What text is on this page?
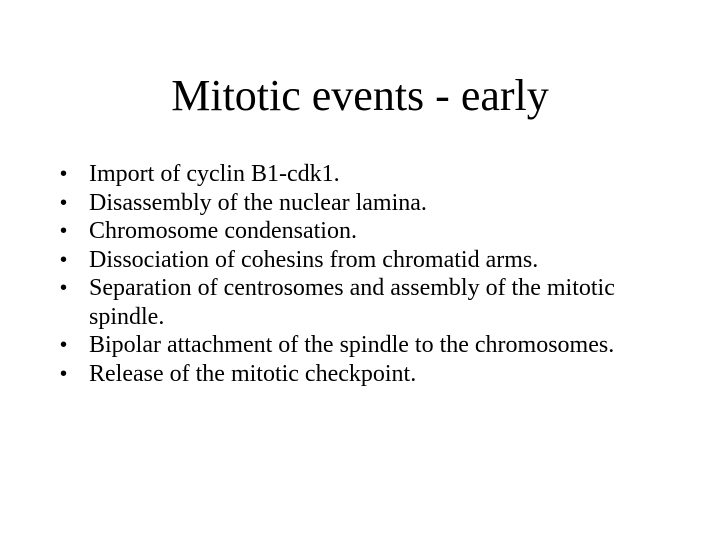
Mitotic events - early
• Import of cyclin B1-cdk1.
• Disassembly of the nuclear lamina.
• Chromosome condensation.
• Dissociation of cohesins from chromatid arms.
• Separation of centrosomes and assembly of the mitotic spindle.
• Bipolar attachment of the spindle to the chromosomes.
• Release of the mitotic checkpoint.
